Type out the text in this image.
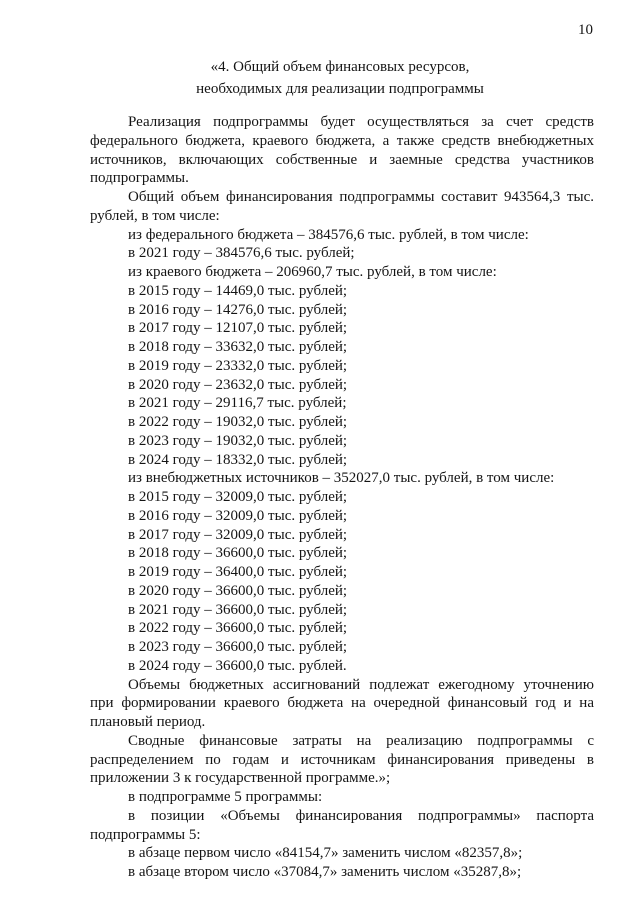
10
«4. Общий объем финансовых ресурсов,
необходимых для реализации подпрограммы

Реализация подпрограммы будет осуществляться за счет средств федерального бюджета, краевого бюджета, а также средств внебюджетных источников, включающих собственные и заемные средства участников подпрограммы.

Общий объем финансирования подпрограммы составит 943564,3 тыс. рублей, в том числе:

из федерального бюджета – 384576,6 тыс. рублей, в том числе:

в 2021 году – 384576,6 тыс. рублей;

из краевого бюджета – 206960,7 тыс. рублей, в том числе:

в 2015 году – 14469,0 тыс. рублей;

в 2016 году – 14276,0 тыс. рублей;

в 2017 году – 12107,0 тыс. рублей;

в 2018 году – 33632,0 тыс. рублей;

в 2019 году – 23332,0 тыс. рублей;

в 2020 году – 23632,0 тыс. рублей;

в 2021 году – 29116,7 тыс. рублей;

в 2022 году – 19032,0 тыс. рублей;

в 2023 году – 19032,0 тыс. рублей;

в 2024 году – 18332,0 тыс. рублей;

из внебюджетных источников – 352027,0 тыс. рублей, в том числе:

в 2015 году – 32009,0 тыс. рублей;

в 2016 году – 32009,0 тыс. рублей;

в 2017 году – 32009,0 тыс. рублей;

в 2018 году – 36600,0 тыс. рублей;

в 2019 году – 36400,0 тыс. рублей;

в 2020 году – 36600,0 тыс. рублей;

в 2021 году – 36600,0 тыс. рублей;

в 2022 году – 36600,0 тыс. рублей;

в 2023 году – 36600,0 тыс. рублей;

в 2024 году – 36600,0 тыс. рублей.

Объемы бюджетных ассигнований подлежат ежегодному уточнению при формировании краевого бюджета на очередной финансовый год и на плановый период.

Сводные финансовые затраты на реализацию подпрограммы с распределением по годам и источникам финансирования приведены в приложении 3 к государственной программе.»;

в подпрограмме 5 программы:

в позиции «Объемы финансирования подпрограммы» паспорта подпрограммы 5:

в абзаце первом число «84154,7» заменить числом «82357,8»;

в абзаце втором число «37084,7» заменить числом «35287,8»;
